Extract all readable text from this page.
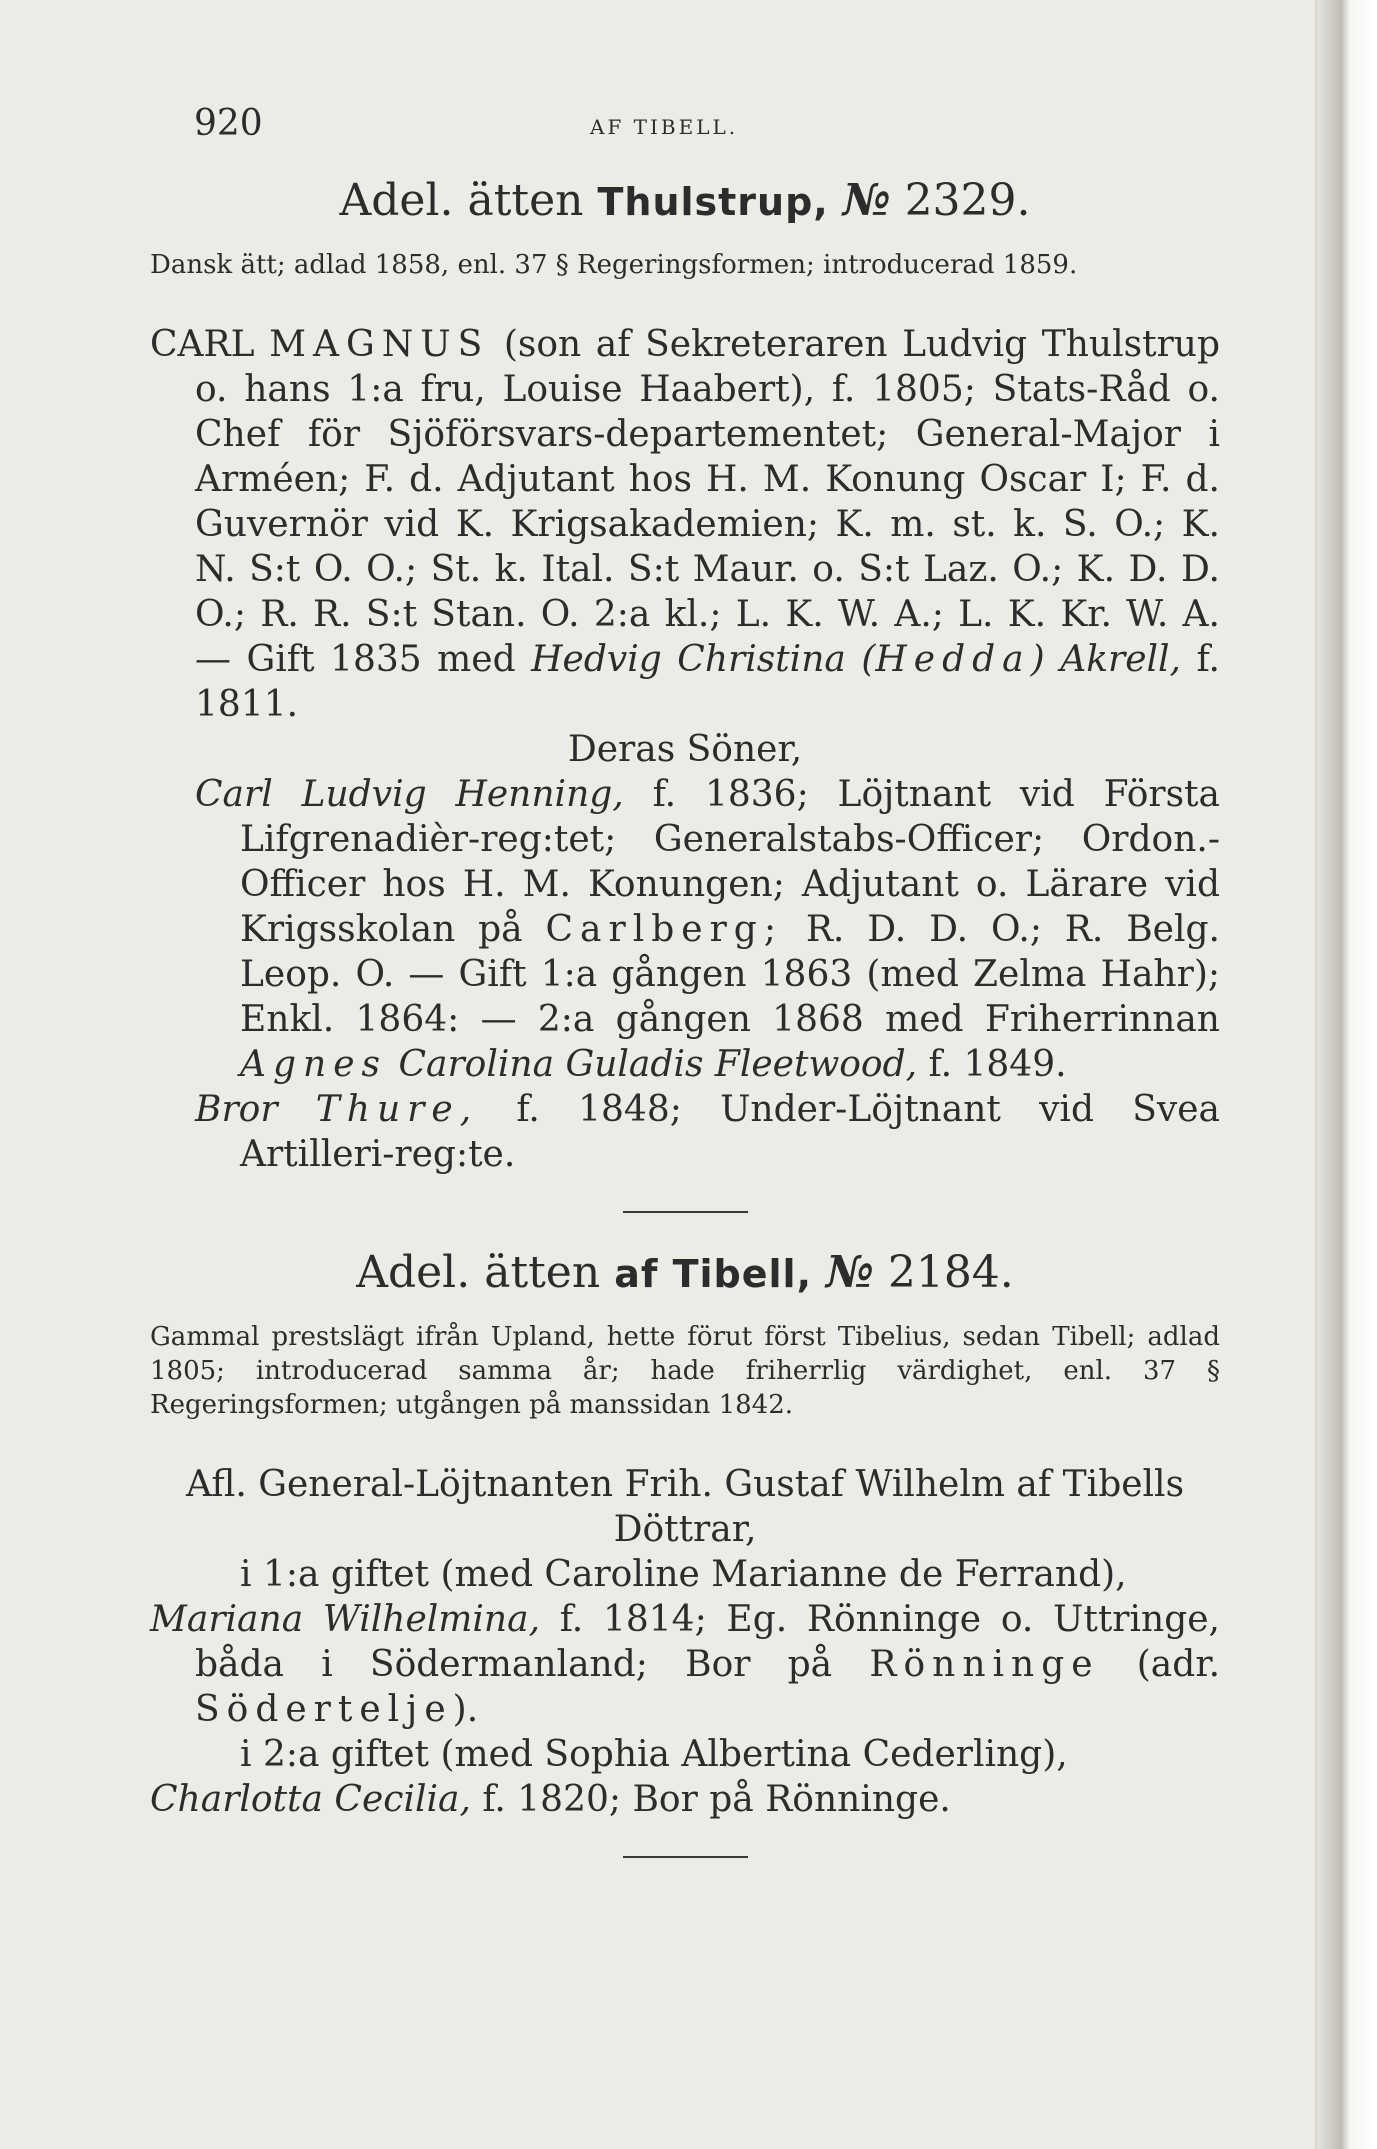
920	AF TIBELL.
Adel. ätten Thulstrup, № 2329.

Dansk ätt; adlad 1858, enl. 37 § Regeringsformen; introducerad 1859.

CARL MAGNUS (son af Sekreteraren Ludvig Thulstrup o. hans 1:a fru, Louise Haabert), f. 1805; Stats-Råd o. Chef för Sjöförsvars-departementet; General-Major i Arméen; F. d. Adjutant hos H. M. Konung Oscar I; F. d. Guvernör vid K. Krigsakademien; K. m. st. k. S. O.; K. N. S:t O. O.; St. k. Ital. S:t Maur. o. S:t Laz. O.; K. D. D. O.; R. R. S:t Stan. O. 2:a kl.; L. K. W. A.; L. K. Kr. W. A. — Gift 1835 med Hedvig Christina (Hedda) Akrell, f. 1811.

Deras Söner,

Carl Ludvig Henning, f. 1836; Löjtnant vid Första Lifgrenadièr-reg:tet; Generalstabs-Officer; Ordon.-Officer hos H. M. Konungen; Adjutant o. Lärare vid Krigsskolan på Carlberg; R. D. D. O.; R. Belg. Leop. O. — Gift 1:a gången 1863 (med Zelma Hahr); Enkl. 1864: — 2:a gången 1868 med Friherrinnan Agnes Carolina Guladis Fleetwood, f. 1849.

Bror Thure, f. 1848; Under-Löjtnant vid Svea Artilleri-reg:te.

Adel. ätten af Tibell, № 2184.

Gammal prestslägt ifrån Upland, hette förut först Tibelius, sedan Tibell; adlad 1805; introducerad samma år; hade friherrlig värdighet, enl. 37 § Regeringsformen; utgången på manssidan 1842.

Afl. General-Löjtnanten Frih. Gustaf Wilhelm af Tibells Döttrar,

i 1:a giftet (med Caroline Marianne de Ferrand),

Mariana Wilhelmina, f. 1814; Eg. Rönninge o. Uttringe, båda i Södermanland; Bor på Rönninge (adr. Södertelje).

i 2:a giftet (med Sophia Albertina Cederling),

Charlotta Cecilia, f. 1820; Bor på Rönninge.
